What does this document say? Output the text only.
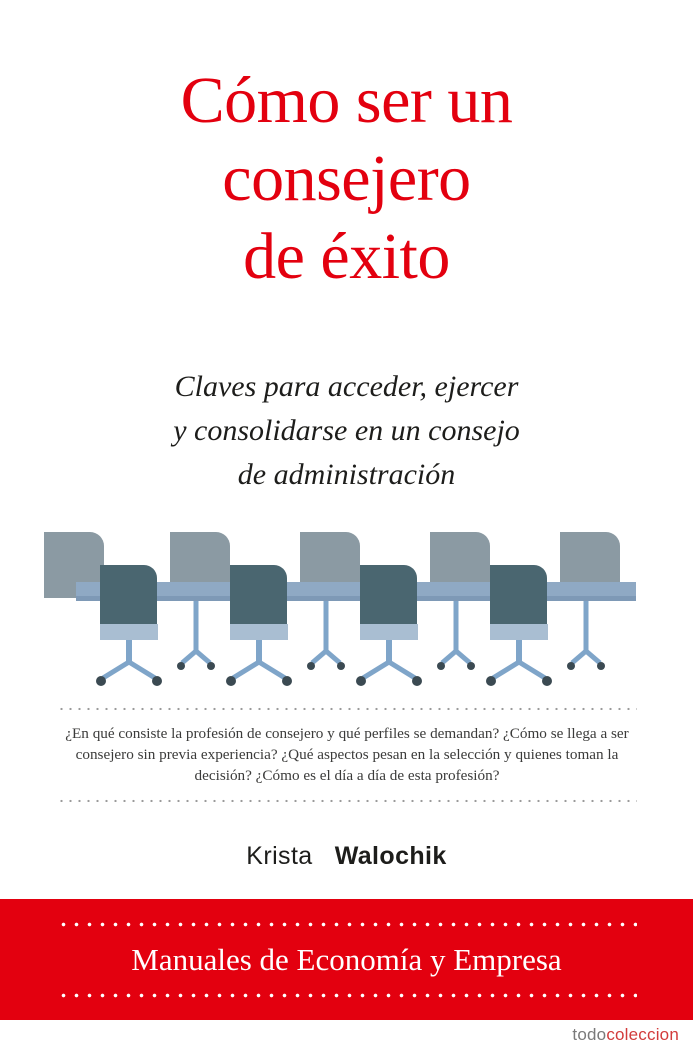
Cómo ser un
consejero
de éxito
Claves para acceder, ejercer
y consolidarse en un consejo
de administración
¿En qué consiste la profesión de consejero y qué perfiles se demandan? ¿Cómo se llega a ser consejero sin previa experiencia? ¿Qué aspectos pesan en la selección y quienes toman la decisión? ¿Cómo es el día a día de esta profesión?
Krista Walochik
Manuales de Economía y Empresa
todocoleccion
